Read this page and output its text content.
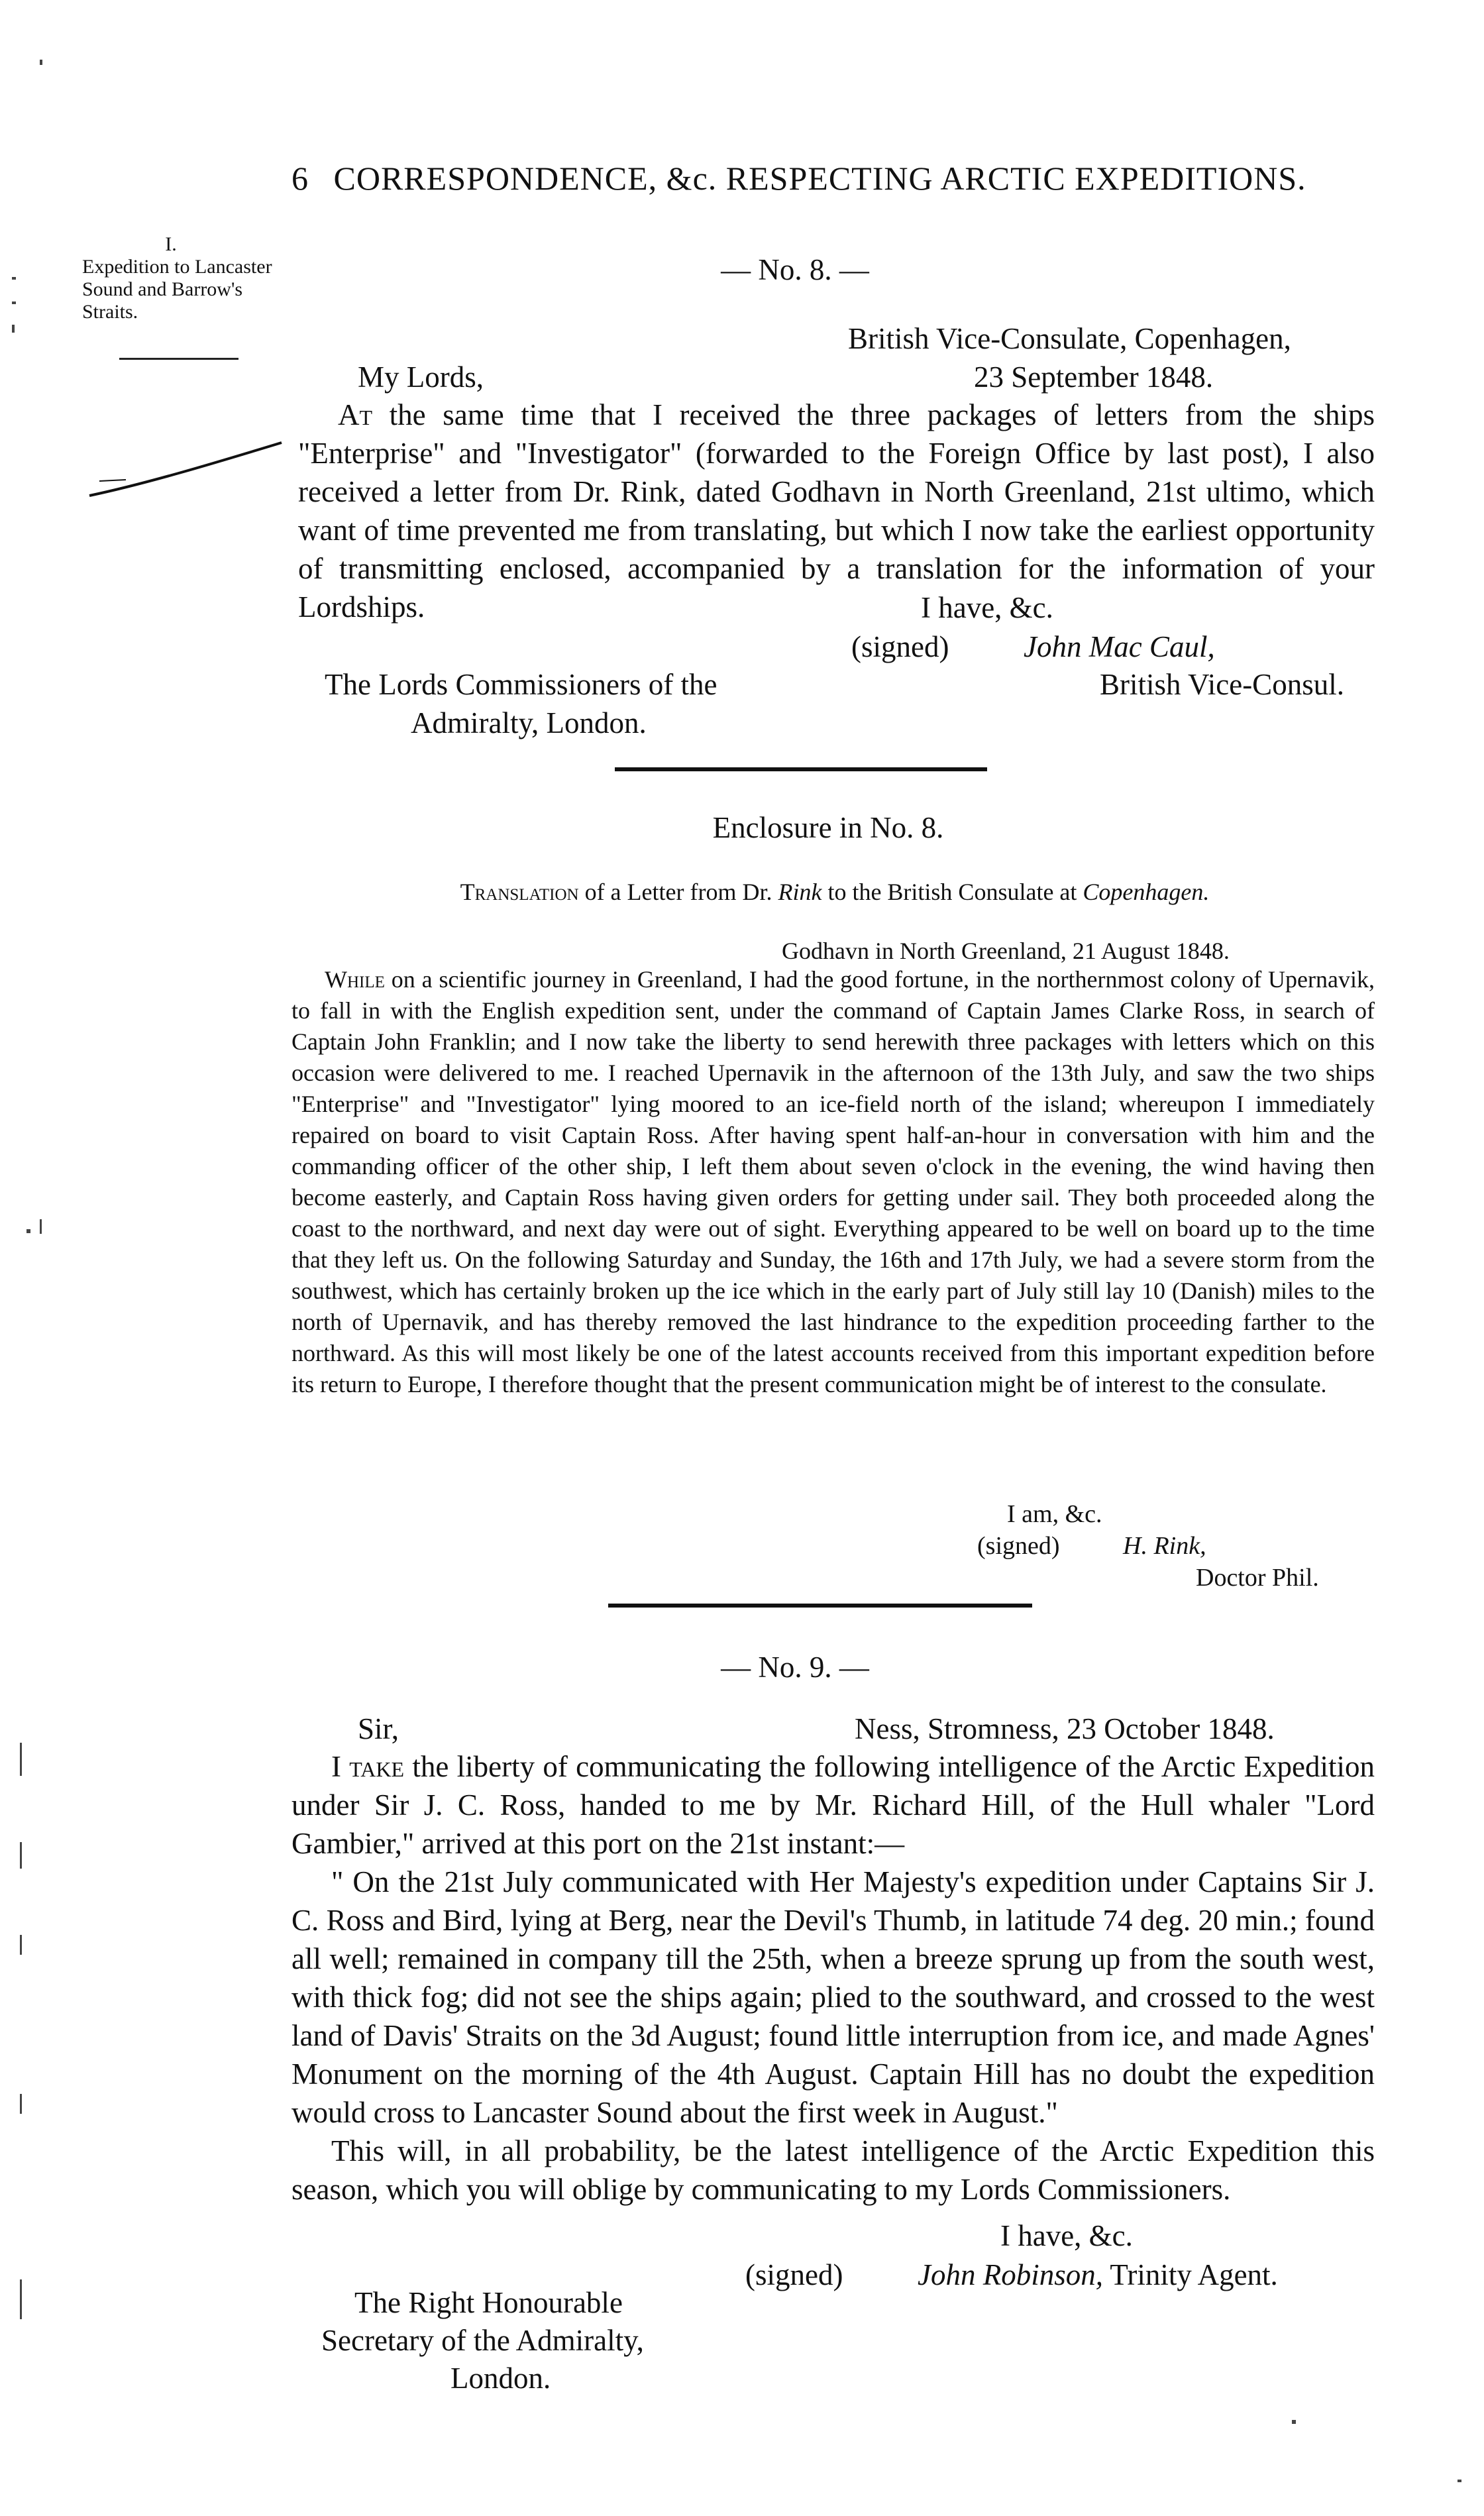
6 CORRESPONDENCE, &c. RESPECTING ARCTIC EXPEDITIONS.
I.
Expedition to Lancaster Sound and Barrow's Straits.
— No. 8. —
British Vice-Consulate, Copenhagen,
My Lords,	23 September 1848.
At the same time that I received the three packages of letters from the ships "Enterprise" and "Investigator" (forwarded to the Foreign Office by last post), I also received a letter from Dr. Rink, dated Godhavn in North Greenland, 21st ultimo, which want of time prevented me from translating, but which I now take the earliest opportunity of transmitting enclosed, accompanied by a translation for the information of your Lordships.	I have, &c.
(signed)	John Mac Caul,
The Lords Commissioners of the	British Vice-Consul.
Admiralty, London.
Enclosure in No. 8.
Translation of a Letter from Dr. Rink to the British Consulate at Copenhagen.
Godhavn in North Greenland, 21 August 1848.
While on a scientific journey in Greenland, I had the good fortune, in the northernmost colony of Upernavik, to fall in with the English expedition sent, under the command of Captain James Clarke Ross, in search of Captain John Franklin; and I now take the liberty to send herewith three packages with letters which on this occasion were delivered to me. I reached Upernavik in the afternoon of the 13th July, and saw the two ships "Enterprise" and "Investigator" lying moored to an ice-field north of the island; whereupon I immediately repaired on board to visit Captain Ross. After having spent half-an-hour in conversation with him and the commanding officer of the other ship, I left them about seven o'clock in the evening, the wind having then become easterly, and Captain Ross having given orders for getting under sail. They both proceeded along the coast to the northward, and next day were out of sight. Everything appeared to be well on board up to the time that they left us. On the following Saturday and Sunday, the 16th and 17th July, we had a severe storm from the southwest, which has certainly broken up the ice which in the early part of July still lay 10 (Danish) miles to the north of Upernavik, and has thereby removed the last hindrance to the expedition proceeding farther to the northward. As this will most likely be one of the latest accounts received from this important expedition before its return to Europe, I therefore thought that the present communication might be of interest to the consulate.
I am, &c.
(signed)	H. Rink,
Doctor Phil.
— No. 9. —
Sir,	Ness, Stromness, 23 October 1848.
I take the liberty of communicating the following intelligence of the Arctic Expedition under Sir J. C. Ross, handed to me by Mr. Richard Hill, of the Hull whaler "Lord Gambier," arrived at this port on the 21st instant:—
" On the 21st July communicated with Her Majesty's expedition under Captains Sir J. C. Ross and Bird, lying at Berg, near the Devil's Thumb, in latitude 74 deg. 20 min.; found all well; remained in company till the 25th, when a breeze sprung up from the south west, with thick fog; did not see the ships again; plied to the southward, and crossed to the west land of Davis' Straits on the 3d August; found little interruption from ice, and made Agnes' Monument on the morning of the 4th August. Captain Hill has no doubt the expedition would cross to Lancaster Sound about the first week in August."
This will, in all probability, be the latest intelligence of the Arctic Expedition this season, which you will oblige by communicating to my Lords Commissioners.
I have, &c.
(signed)	John Robinson, Trinity Agent.
The Right Honourable
Secretary of the Admiralty,
London.
